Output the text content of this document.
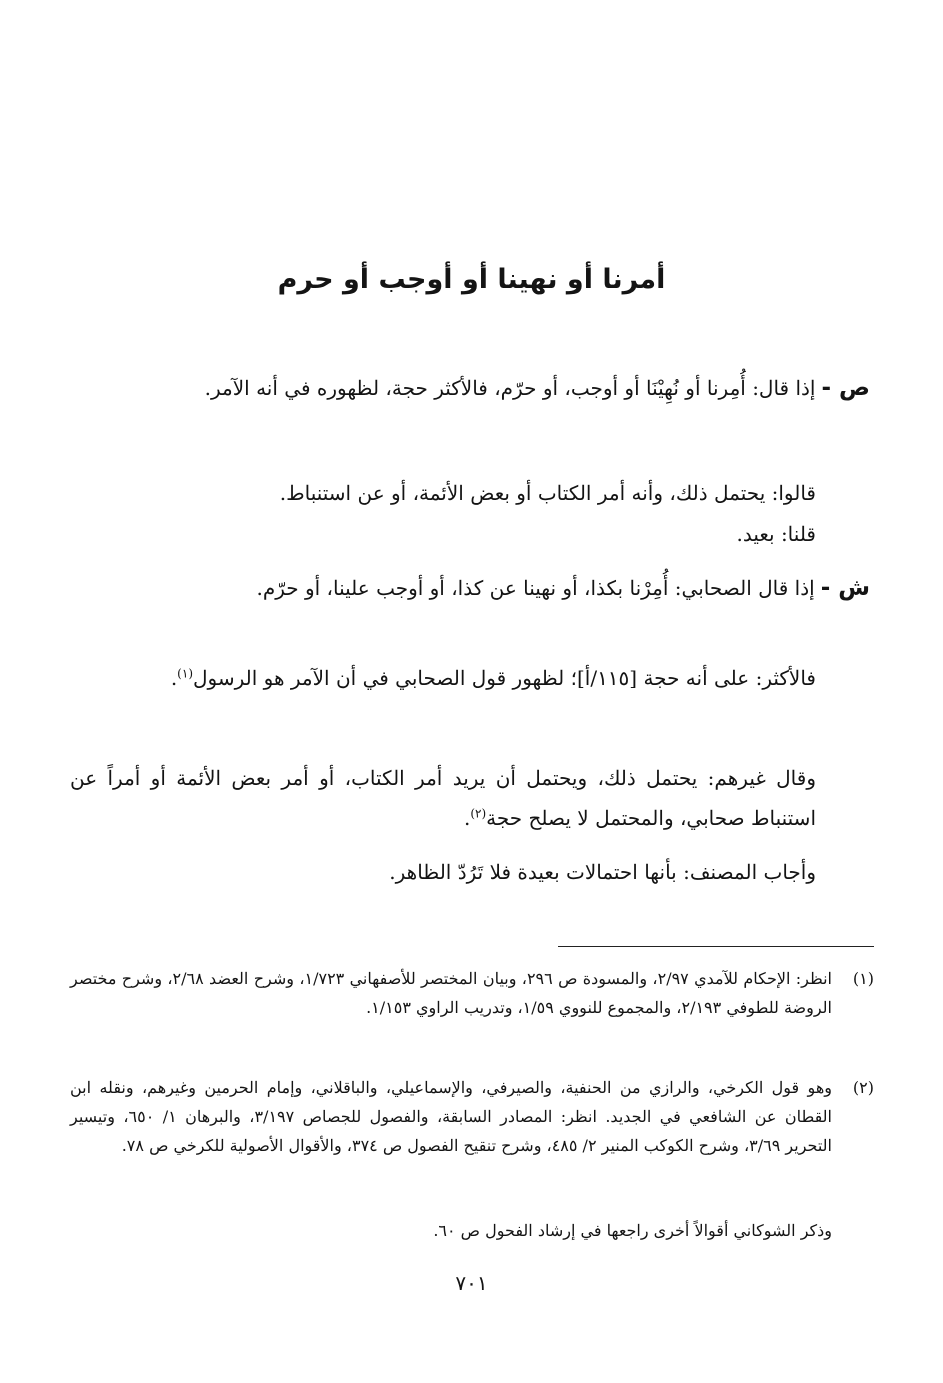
أمرنا أو نهينا أو أوجب أو حرم

ص -إذا قال: أُمِرنا أو نُهِيْنَا أو أوجب، أو حرّم، فالأكثر حجة، لظهوره في أنه الآمر.

قالوا: يحتمل ذلك، وأنه أمر الكتاب أو بعض الأئمة، أو عن استنباط.

قلنا: بعيد.

ش -إذا قال الصحابي: أُمِرْنا بكذا، أو نهينا عن كذا، أو أوجب علينا، أو حرّم.

فالأكثر: على أنه حجة [١١٥/أ]؛ لظهور قول الصحابي في أن الآمر هو الرسول$^{(١)}$.

وقال غيرهم: يحتمل ذلك، ويحتمل أن يريد أمر الكتاب، أو أمر بعض الأئمة أو أمراً عن استنباط صحابي، والمحتمل لا يصلح حجة$^{(٢)}$.

وأجاب المصنف: بأنها احتمالات بعيدة فلا تَرُدّ الظاهر.

(١)
انظر: الإحكام للآمدي ٢/٩٧، والمسودة ص ٢٩٦، وبيان المختصر للأصفهاني ١/٧٢٣، وشرح العضد ٢/٦٨، وشرح مختصر الروضة للطوفي ٢/١٩٣، والمجموع للنووي ١/٥٩، وتدريب الراوي ١/١٥٣.
(٢)
وهو قول الكرخي، والرازي من الحنفية، والصيرفي، والإسماعيلي، والباقلاني، وإمام الحرمين وغيرهم، ونقله ابن القطان عن الشافعي في الجديد. انظر: المصادر السابقة، والفصول للجصاص ٣/١٩٧، والبرهان ١/ ٦٥٠، وتيسير التحرير ٣/٦٩، وشرح الكوكب المنير ٢/ ٤٨٥، وشرح تنقيح الفصول ص ٣٧٤، والأقوال الأصولية للكرخي ص ٧٨.

وذكر الشوكاني أقوالاً أخرى راجعها في إرشاد الفحول ص ٦٠.

٧٠١
